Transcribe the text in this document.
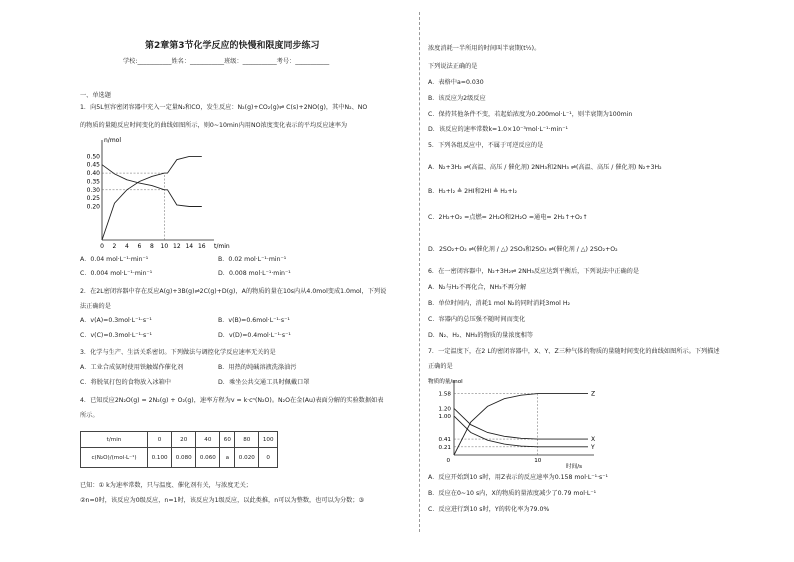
第2章第3节化学反应的快慢和限度同步练习
学校:___________姓名：___________班级：___________考号：___________
一、单选题
1．向5L恒容密闭容器中充入一定量N₂和CO，发生反应：N₂(g)+CO₂(g)⇌ C(s)+2NO(g)，其中N₂、NO
的物质的量随反应时间变化的曲线如图所示，则0~10min内用NO浓度变化表示的平均反应速率为
n/mol
t/min
0 2 4 6 8 10 12 14 16
0.20
0.25
0.30
0.35
0.40
0.45
0.50
A．0.04 mol·L⁻¹·min⁻¹	B．0.02 mol·L⁻¹·min⁻¹
C．0.004 mol·L⁻¹·min⁻¹	D．0.008 mol·L⁻¹·min⁻¹
2．在2L密闭容器中存在反应A(g)+3B(g)⇌2C(g)+D(g)，A的物质的量在10s内从4.0mol变成1.0mol，下列说
法正确的是
A．v(A)=0.3mol·L⁻¹·s⁻¹	B．v(B)=0.6mol·L⁻¹·s⁻¹
C．v(C)=0.3mol·L⁻¹·s⁻¹	D．v(D)=0.4mol·L⁻¹·s⁻¹
3．化学与生产、生活关系密切。下列做法与调控化学反应速率无关的是
A．工业合成氨时使用铁触媒作催化剂	B．用热的纯碱溶液洗涤油污
C．将脱氧打包的食物放入冰箱中	D．乘坐公共交通工具时佩戴口罩
4．已知反应2N₂O(g) = 2N₂(g) + O₂(g)，速率方程为v = k·cⁿ(N₂O)。N₂O在金(Au)表面分解的实验数据如表
所示。
t/min	0	20	40	60	80	100
c(N₂O)/(mol·L⁻¹)	0.100	0.080	0.060	a	0.020	0
已知：① k为速率常数，只与温度、催化剂有关，与浓度无关；
②n=0时，该反应为0级反应，n=1时，该反应为1级反应，以此类推，n可以为整数，也可以为分数；③
浓度消耗一半所用的时间叫半衰期(t½)。
下列说法正确的是
A．表格中a=0.030
B．该反应为2级反应
C．保持其他条件不变，若起始浓度为0.200mol·L⁻¹，则半衰期为100min
D．该反应的速率常数k=1.0×10⁻³mol·L⁻¹·min⁻¹
5．下列各组反应中，不属于可逆反应的是
A．N₂+3H₂ ⇌(高温、高压 / 催化剂) 2NH₃和2NH₃ ⇌(高温、高压 / 催化剂) N₂+3H₂
B．H₂+I₂ ≜ 2HI和2HI ≜ H₂+I₂
C．2H₂+O₂ =点燃= 2H₂O和2H₂O =通电= 2H₂↑+O₂↑
D．2SO₂+O₂ ⇌(催化剂 / △) 2SO₃和2SO₃ ⇌(催化剂 / △) 2SO₂+O₂
6．在一密闭容器中，N₂+3H₂⇌ 2NH₃反应达到平衡后，下列说法中正确的是
A．N₂与H₂不再化合，NH₃不再分解
B．单位时间内，消耗1 mol N₂的同时消耗3mol H₂
C．容器内的总压强不随时间而变化
D．N₂、H₂、NH₃的物质的量浓度相等
7．一定温度下，在2 L的密闭容器中，X、Y、Z三种气体的物质的量随时间变化的曲线如图所示。下列描述
正确的是
物质的量/mol
时间/s
0	10
0.21
0.41
1.00
1.20
1.58	Z
X
Y
A．反应开始到10 s时，用Z表示的反应速率为0.158 mol·L⁻¹·s⁻¹
B．反应在0~10 s内，X的物质的量浓度减少了0.79 mol·L⁻¹
C．反应进行到10 s时，Y的转化率为79.0%
